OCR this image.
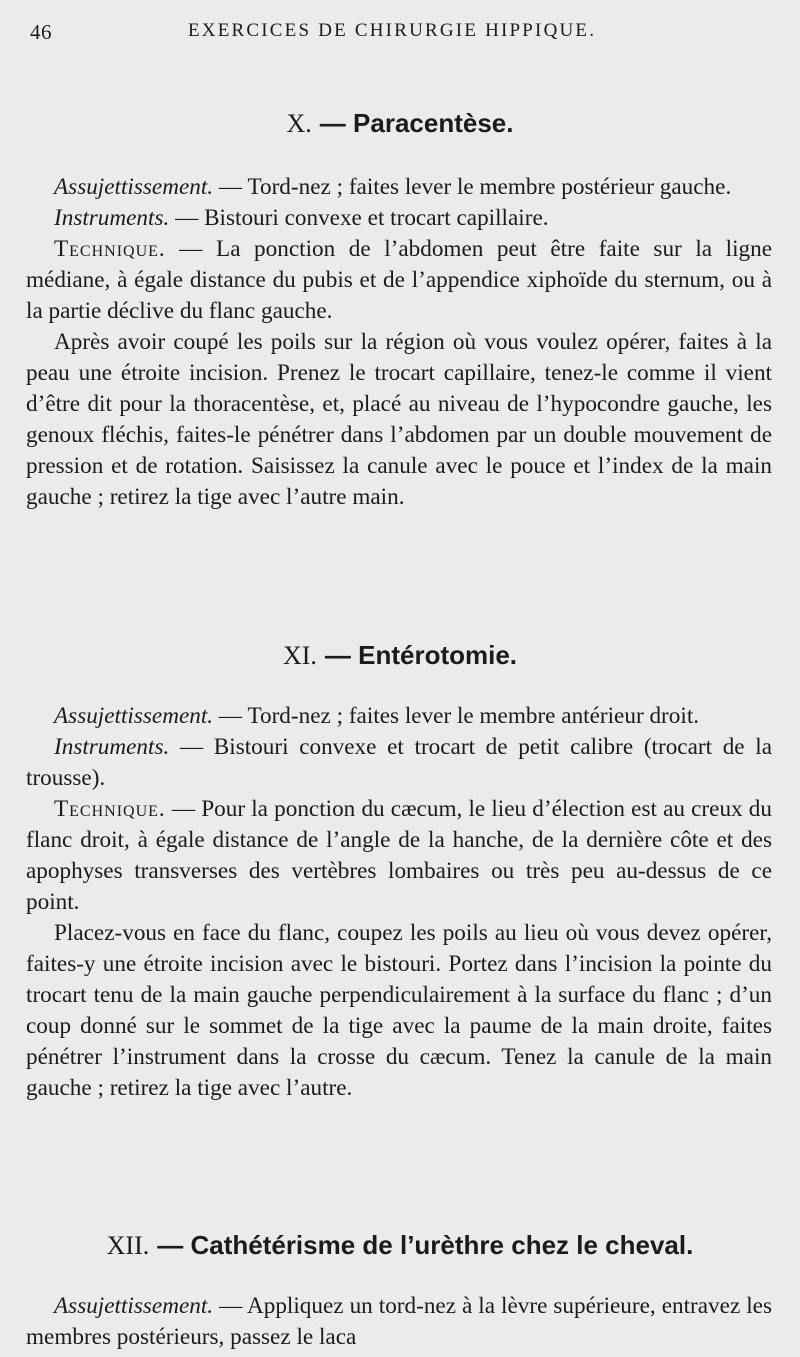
46	EXERCICES DE CHIRURGIE HIPPIQUE.
X. — Paracentèse.

Assujettissement. — Tord-nez ; faites lever le membre postérieur gauche.

Instruments. — Bistouri convexe et trocart capillaire.

Technique. — La ponction de l’abdomen peut être faite sur la ligne médiane, à égale distance du pubis et de l’appendice xiphoïde du sternum, ou à la partie déclive du flanc gauche.

Après avoir coupé les poils sur la région où vous voulez opérer, faites à la peau une étroite incision. Prenez le trocart capillaire, tenez-le comme il vient d’être dit pour la thoracentèse, et, placé au niveau de l’hypocondre gauche, les genoux fléchis, faites-le pénétrer dans l’abdomen par un double mouvement de pression et de rotation. Saisissez la canule avec le pouce et l’index de la main gauche ; retirez la tige avec l’autre main.

XI. — Entérotomie.

Assujettissement. — Tord-nez ; faites lever le membre antérieur droit.

Instruments. — Bistouri convexe et trocart de petit calibre (trocart de la trousse).

Technique. — Pour la ponction du cæcum, le lieu d’élection est au creux du flanc droit, à égale distance de l’angle de la hanche, de la dernière côte et des apophyses transverses des vertèbres lombaires ou très peu au-dessus de ce point.

Placez-vous en face du flanc, coupez les poils au lieu où vous devez opérer, faites-y une étroite incision avec le bistouri. Portez dans l’incision la pointe du trocart tenu de la main gauche perpendiculairement à la surface du flanc ; d’un coup donné sur le sommet de la tige avec la paume de la main droite, faites pénétrer l’instrument dans la crosse du cæcum. Tenez la canule de la main gauche ; retirez la tige avec l’autre.

XII. — Cathétérisme de l’urèthre chez le cheval.

Assujettissement. — Appliquez un tord-nez à la lèvre supérieure, entravez les membres postérieurs, passez le laca
